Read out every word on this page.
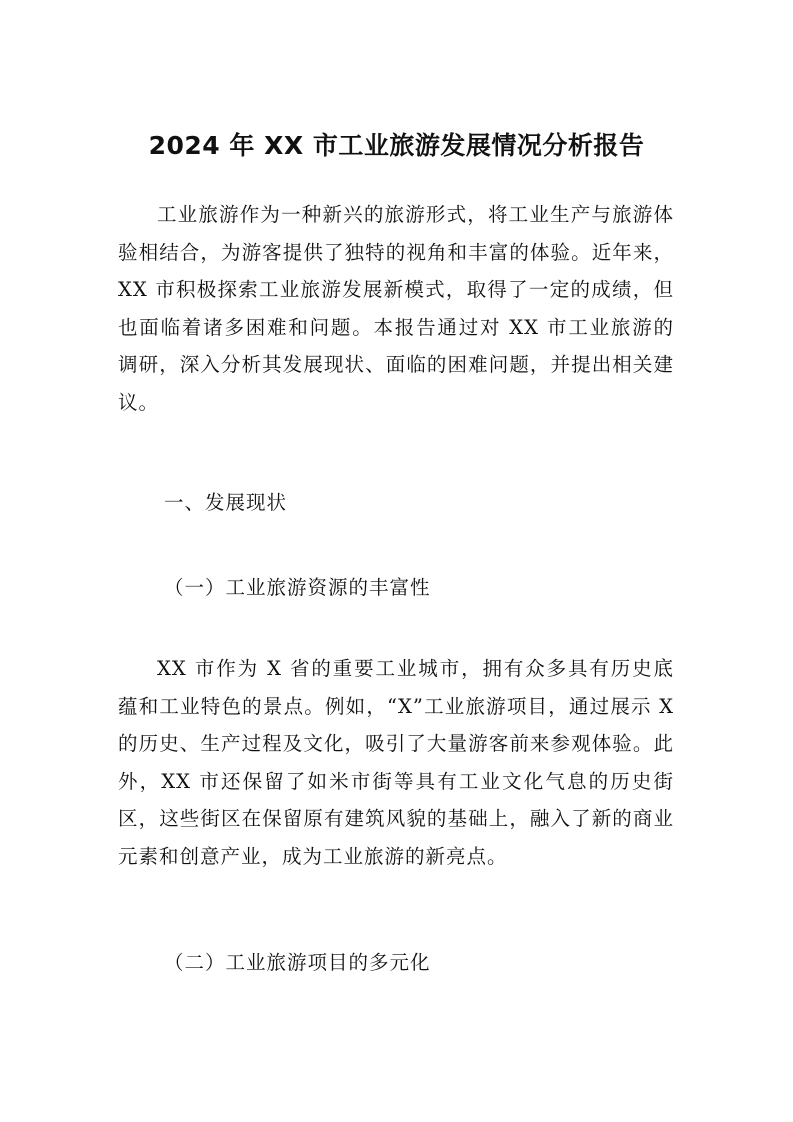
2024 年 XX 市工业旅游发展情况分析报告

工业旅游作为一种新兴的旅游形式，将工业生产与旅游体验相结合，为游客提供了独特的视角和丰富的体验。近年来，XX 市积极探索工业旅游发展新模式，取得了一定的成绩，但也面临着诸多困难和问题。本报告通过对 XX 市工业旅游的调研，深入分析其发展现状、面临的困难问题，并提出相关建议。

一、发展现状

（一）工业旅游资源的丰富性

XX 市作为 X 省的重要工业城市，拥有众多具有历史底蕴和工业特色的景点。例如，“X”工业旅游项目，通过展示 X 的历史、生产过程及文化，吸引了大量游客前来参观体验。此外，XX 市还保留了如米市街等具有工业文化气息的历史街区，这些街区在保留原有建筑风貌的基础上，融入了新的商业元素和创意产业，成为工业旅游的新亮点。

（二）工业旅游项目的多元化
